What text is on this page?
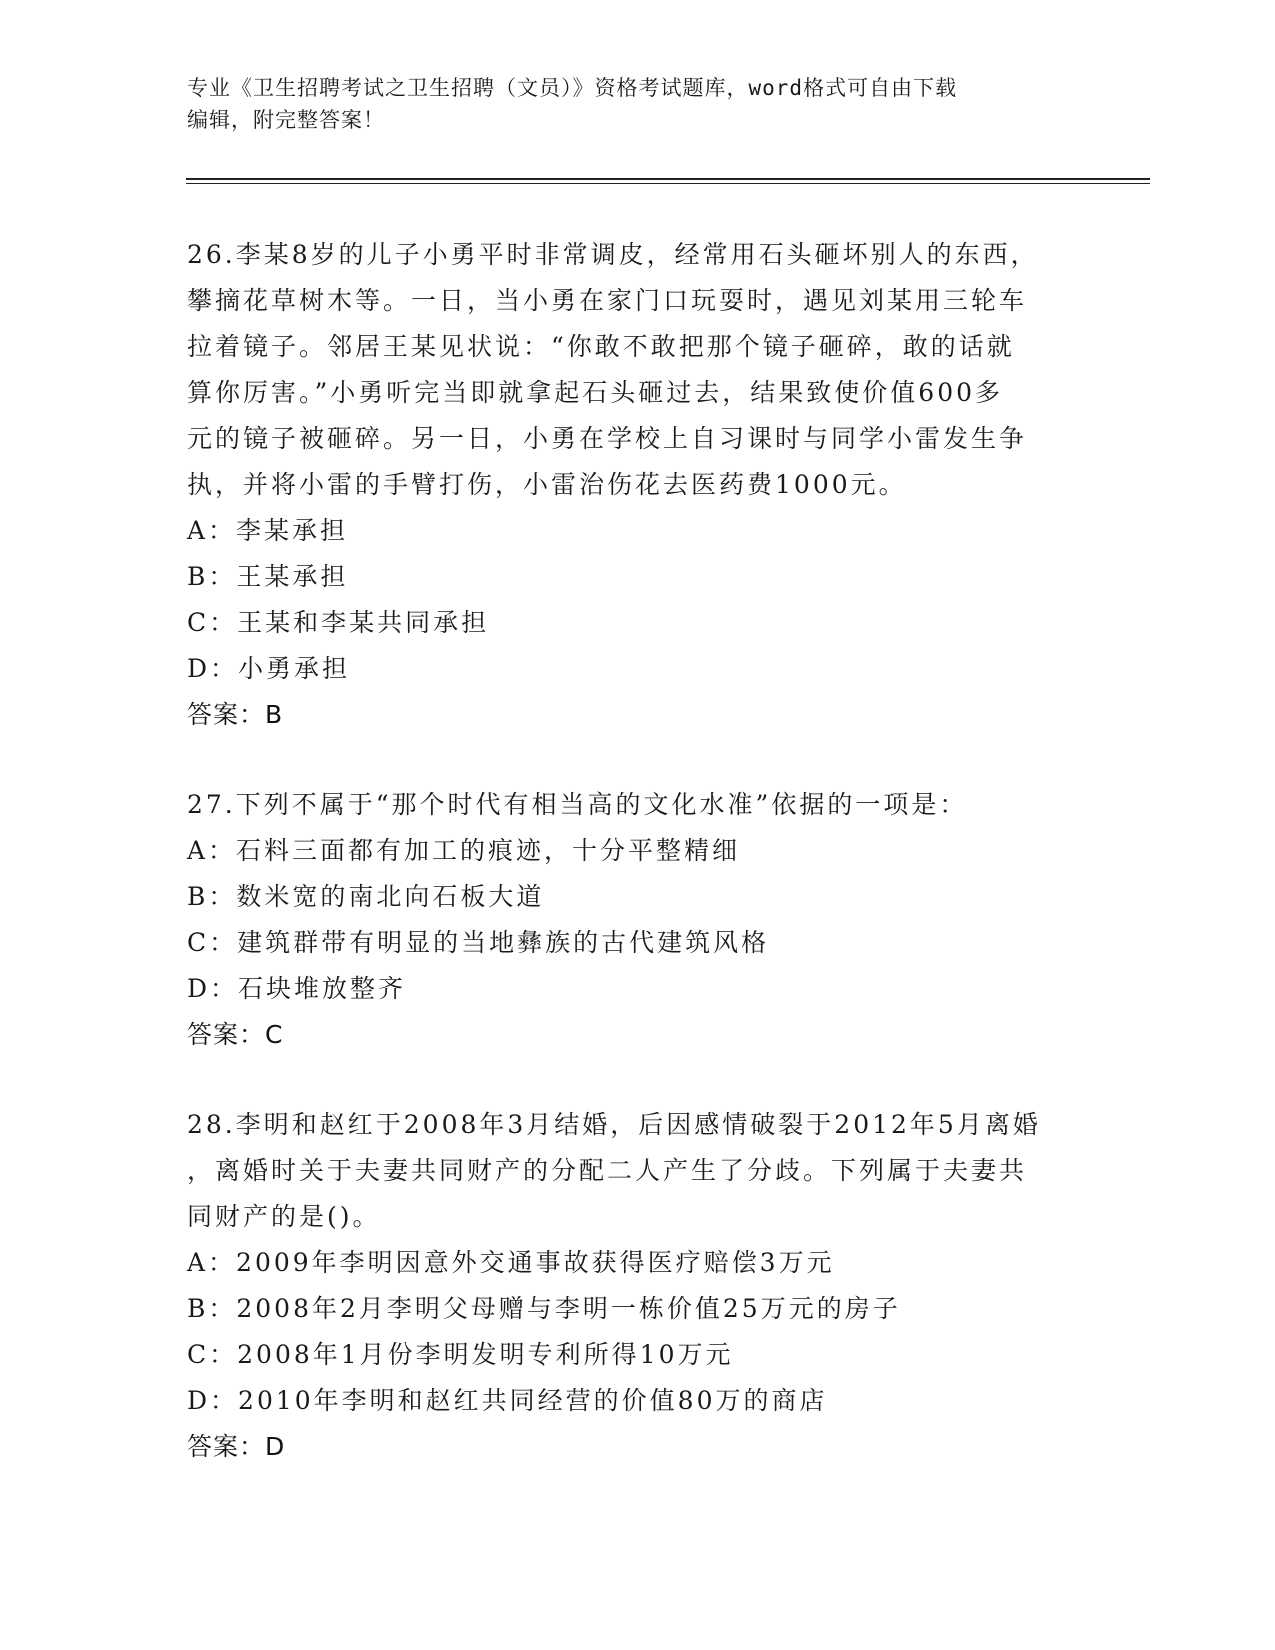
专业《卫生招聘考试之卫生招聘（文员）》资格考试题库，word格式可自由下载
编辑，附完整答案！
26.李某8岁的儿子小勇平时非常调皮，经常用石头砸坏别人的东西，
攀摘花草树木等。一日，当小勇在家门口玩耍时，遇见刘某用三轮车
拉着镜子。邻居王某见状说：“你敢不敢把那个镜子砸碎，敢的话就
算你厉害。”小勇听完当即就拿起石头砸过去，结果致使价值600多
元的镜子被砸碎。另一日，小勇在学校上自习课时与同学小雷发生争
执，并将小雷的手臂打伤，小雷治伤花去医药费1000元。
A：李某承担
B：王某承担
C：王某和李某共同承担
D：小勇承担
答案：B
27.下列不属于“那个时代有相当高的文化水准”依据的一项是：
A：石料三面都有加工的痕迹，十分平整精细
B：数米宽的南北向石板大道
C：建筑群带有明显的当地彝族的古代建筑风格
D：石块堆放整齐
答案：C
28.李明和赵红于2008年3月结婚，后因感情破裂于2012年5月离婚
，离婚时关于夫妻共同财产的分配二人产生了分歧。下列属于夫妻共
同财产的是()。
A：2009年李明因意外交通事故获得医疗赔偿3万元
B：2008年2月李明父母赠与李明一栋价值25万元的房子
C：2008年1月份李明发明专利所得10万元
D：2010年李明和赵红共同经营的价值80万的商店
答案：D
